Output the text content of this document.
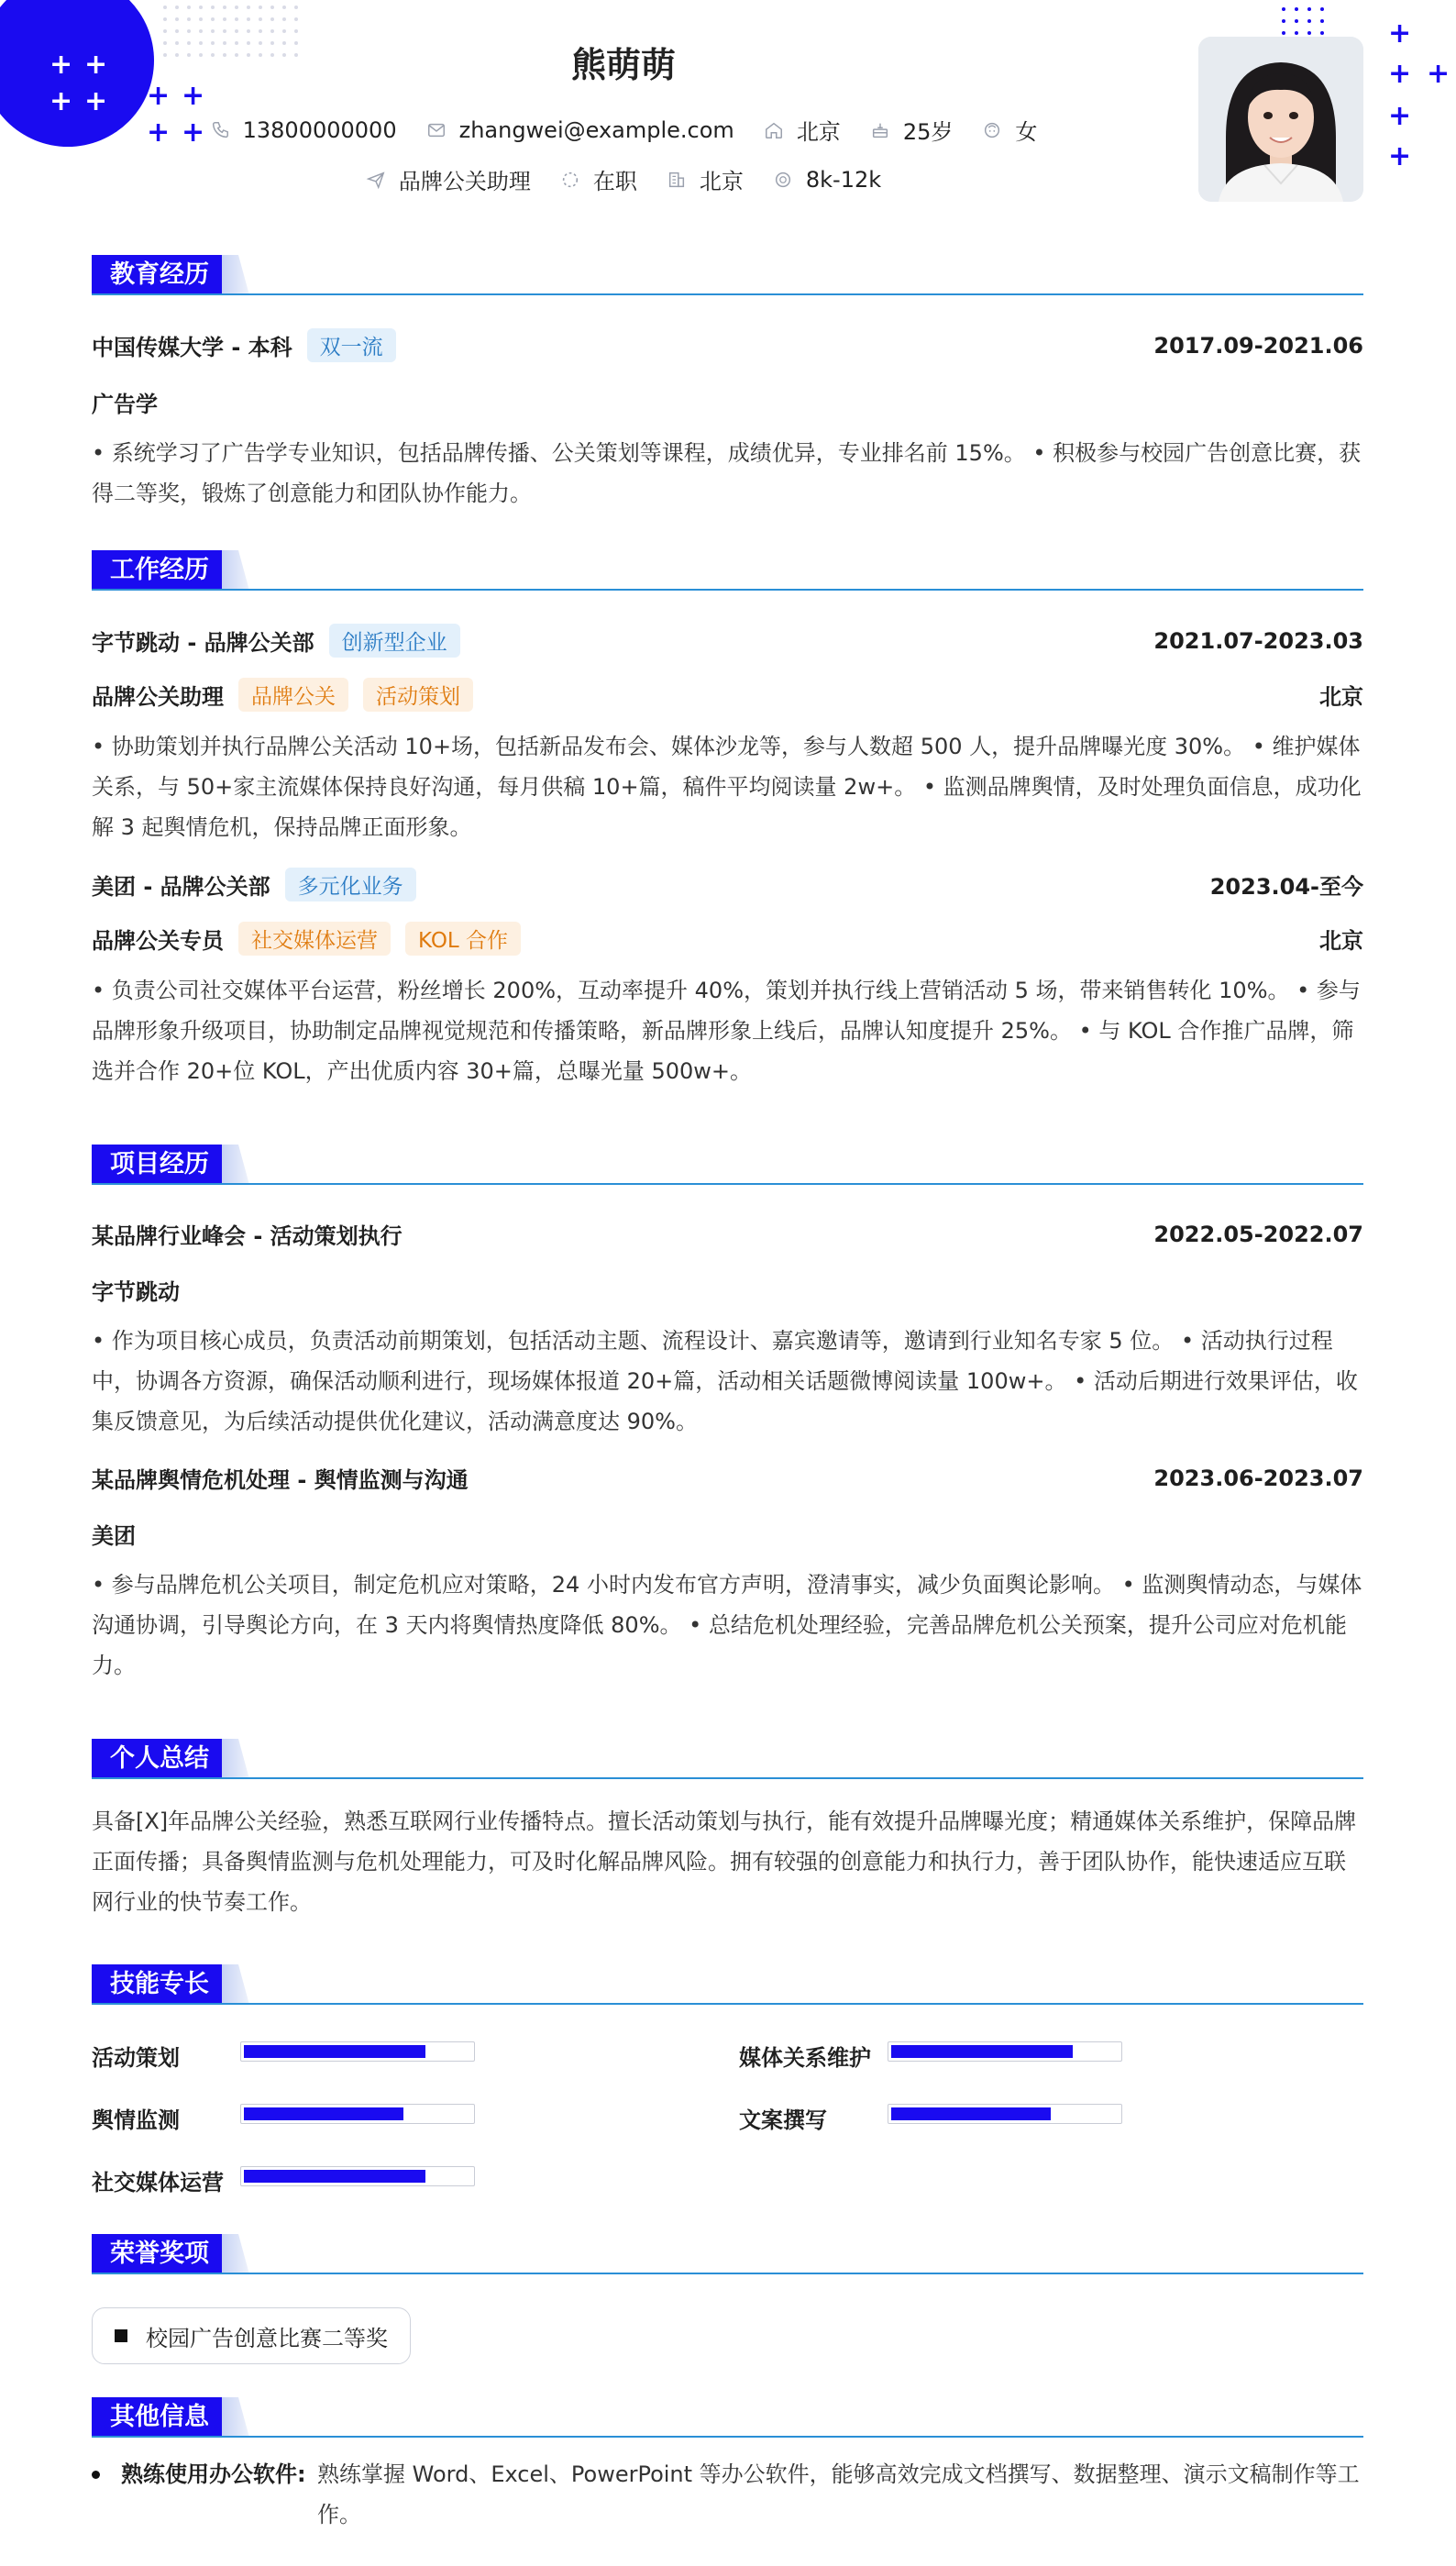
+ +
+ + + +
+ +
+
+ +
+
+
熊萌萌
13800000000	zhangwei@example.com	北京	25岁	女
品牌公关助理	在职	北京	8k-12k
教育经历
中国传媒大学 - 本科	双一流	2017.09-2021.06
广告学
• 系统学习了广告学专业知识，包括品牌传播、公关策划等课程，成绩优异，专业排名前 15%。 • 积极参与校园广告创意比赛，获得二等奖，锻炼了创意能力和团队协作能力。
工作经历
字节跳动 - 品牌公关部	创新型企业	2021.07-2023.03
品牌公关助理	品牌公关	活动策划	北京
• 协助策划并执行品牌公关活动 10+场，包括新品发布会、媒体沙龙等，参与人数超 500 人，提升品牌曝光度 30%。 • 维护媒体关系，与 50+家主流媒体保持良好沟通，每月供稿 10+篇，稿件平均阅读量 2w+。 • 监测品牌舆情，及时处理负面信息，成功化解 3 起舆情危机，保持品牌正面形象。
美团 - 品牌公关部	多元化业务	2023.04-至今
品牌公关专员	社交媒体运营	KOL 合作	北京
• 负责公司社交媒体平台运营，粉丝增长 200%，互动率提升 40%，策划并执行线上营销活动 5 场，带来销售转化 10%。 • 参与品牌形象升级项目，协助制定品牌视觉规范和传播策略，新品牌形象上线后，品牌认知度提升 25%。 • 与 KOL 合作推广品牌，筛选并合作 20+位 KOL，产出优质内容 30+篇，总曝光量 500w+。
项目经历
某品牌行业峰会 - 活动策划执行	2022.05-2022.07
字节跳动
• 作为项目核心成员，负责活动前期策划，包括活动主题、流程设计、嘉宾邀请等，邀请到行业知名专家 5 位。 • 活动执行过程中，协调各方资源，确保活动顺利进行，现场媒体报道 20+篇，活动相关话题微博阅读量 100w+。 • 活动后期进行效果评估，收集反馈意见，为后续活动提供优化建议，活动满意度达 90%。
某品牌舆情危机处理 - 舆情监测与沟通	2023.06-2023.07
美团
• 参与品牌危机公关项目，制定危机应对策略，24 小时内发布官方声明，澄清事实，减少负面舆论影响。 • 监测舆情动态，与媒体沟通协调，引导舆论方向，在 3 天内将舆情热度降低 80%。 • 总结危机处理经验，完善品牌危机公关预案，提升公司应对危机能力。
个人总结
具备[X]年品牌公关经验，熟悉互联网行业传播特点。擅长活动策划与执行，能有效提升品牌曝光度；精通媒体关系维护，保障品牌正面传播；具备舆情监测与危机处理能力，可及时化解品牌风险。拥有较强的创意能力和执行力，善于团队协作，能快速适应互联网行业的快节奏工作。
技能专长
活动策划	媒体关系维护
舆情监测	文案撰写
社交媒体运营
荣誉奖项
校园广告创意比赛二等奖
其他信息
熟练使用办公软件: 熟练掌握 Word、Excel、PowerPoint 等办公软件，能够高效完成文档撰写、数据整理、演示文稿制作等工作。
